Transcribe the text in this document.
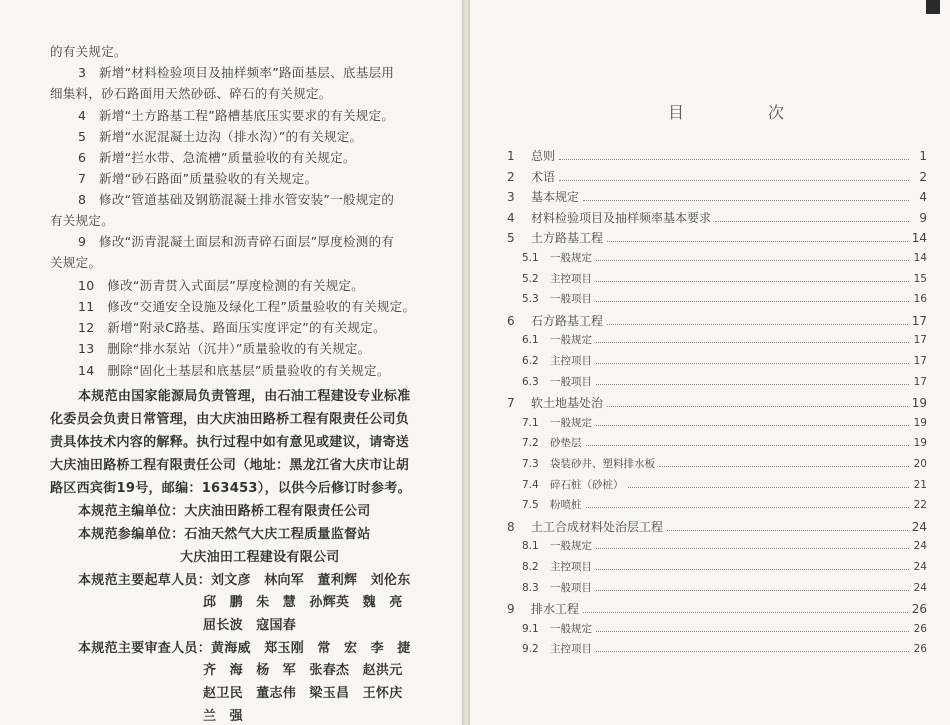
的有关规定。
3　新增“材料检验项目及抽样频率”路面基层、底基层用
细集料，砂石路面用天然砂砾、碎石的有关规定。
4　新增“土方路基工程”路槽基底压实要求的有关规定。
5　新增“水泥混凝土边沟（排水沟）”的有关规定。
6　新增“拦水带、急流槽”质量验收的有关规定。
7　新增“砂石路面”质量验收的有关规定。
8　修改“管道基础及钢筋混凝土排水管安装”一般规定的
有关规定。
9　修改“沥青混凝土面层和沥青碎石面层”厚度检测的有
关规定。
10　修改“沥青贯入式面层”厚度检测的有关规定。
11　修改“交通安全设施及绿化工程”质量验收的有关规定。
12　新增“附录C路基、路面压实度评定”的有关规定。
13　删除“排水泵站（沉井）”质量验收的有关规定。
14　删除“固化土基层和底基层”质量验收的有关规定。
本规范由国家能源局负责管理，由石油工程建设专业标准
化委员会负责日常管理，由大庆油田路桥工程有限责任公司负
责具体技术内容的解释。执行过程中如有意见或建议，请寄送
大庆油田路桥工程有限责任公司（地址：黑龙江省大庆市让胡
路区西宾街19号，邮编：163453），以供今后修订时参考。
本规范主编单位：大庆油田路桥工程有限责任公司
本规范参编单位：石油天然气大庆工程质量监督站
大庆油田工程建设有限公司
本规范主要起草人员：刘文彦　林向军　董利辉　刘伦东
邱　鹏　朱　慧　孙辉英　魏　亮
屈长波　寇国春
本规范主要审查人员：黄海威　郑玉刚　常　宏　李　捷
齐　海　杨　军　张春杰　赵洪元
赵卫民　董志伟　梁玉昌　王怀庆
兰　强
目　次
1	总则	1
2	术语	2
3	基本规定	4
4	材料检验项目及抽样频率基本要求	9
5	土方路基工程	14
5.1	一般规定	14
5.2	主控项目	15
5.3	一般项目	16
6	石方路基工程	17
6.1	一般规定	17
6.2	主控项目	17
6.3	一般项目	17
7	软土地基处治	19
7.1	一般规定	19
7.2	砂垫层	19
7.3	袋装砂井、塑料排水板	20
7.4	碎石桩（砂桩）	21
7.5	粉喷桩	22
8	土工合成材料处治层工程	24
8.1	一般规定	24
8.2	主控项目	24
8.3	一般项目	24
9	排水工程	26
9.1	一般规定	26
9.2	主控项目	26
